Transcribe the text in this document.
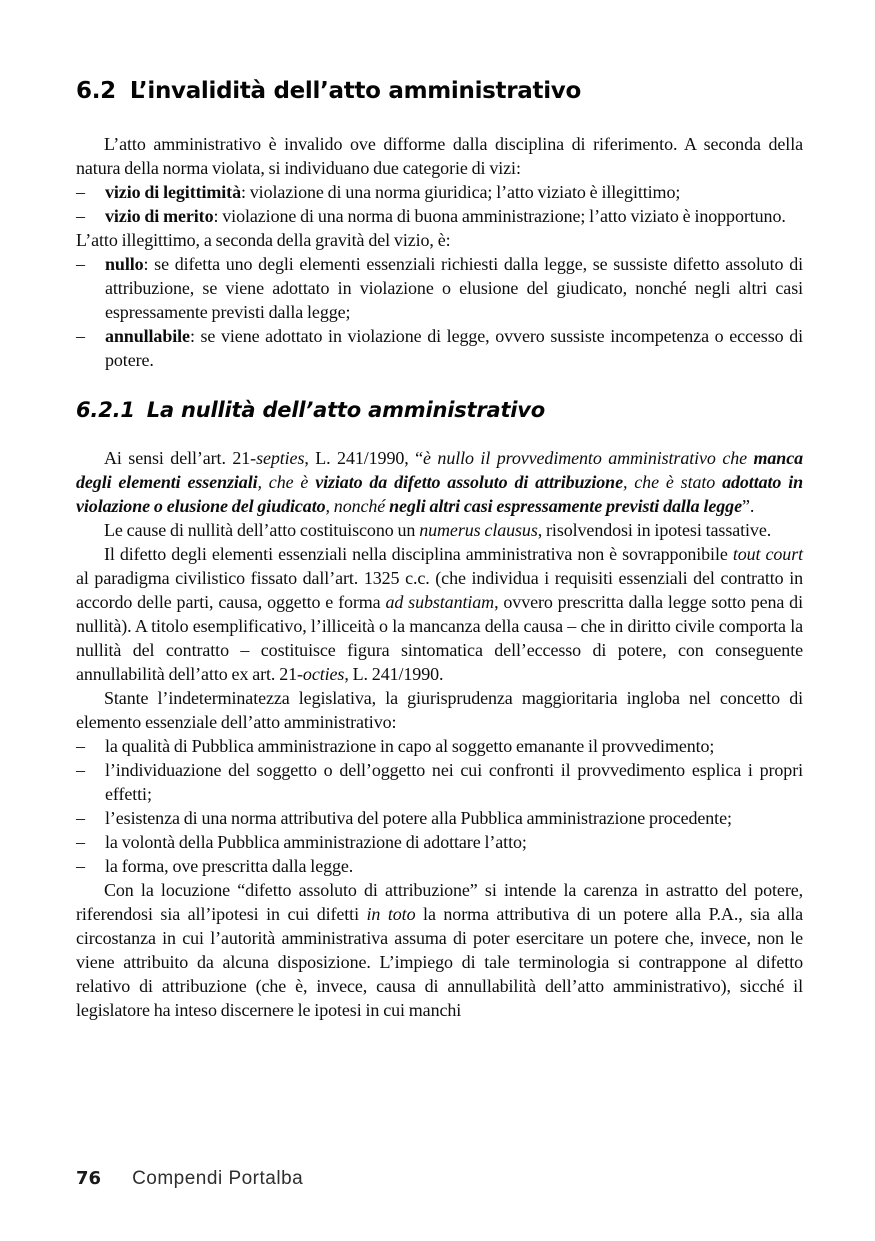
6.2 L’invalidità dell’atto amministrativo

L’atto amministrativo è invalido ove difforme dalla disciplina di riferimento. A seconda della natura della norma violata, si individuano due categorie di vizi:

– vizio di legittimità: violazione di una norma giuridica; l’atto viziato è illegittimo;
– vizio di merito: violazione di una norma di buona amministrazione; l’atto viziato è inopportuno.

L’atto illegittimo, a seconda della gravità del vizio, è:

– nullo: se difetta uno degli elementi essenziali richiesti dalla legge, se sussiste difetto assoluto di attribuzione, se viene adottato in violazione o elusione del giudicato, nonché negli altri casi espressamente previsti dalla legge;
– annullabile: se viene adottato in violazione di legge, ovvero sussiste incompetenza o eccesso di potere.
6.2.1 La nullità dell’atto amministrativo

Ai sensi dell’art. 21-septies, L. 241/1990, “è nullo il provvedimento amministrativo che manca degli elementi essenziali, che è viziato da difetto assoluto di attribuzione, che è stato adottato in violazione o elusione del giudicato, nonché negli altri casi espressamente previsti dalla legge”.

Le cause di nullità dell’atto costituiscono un numerus clausus, risolvendosi in ipotesi tassative.

Il difetto degli elementi essenziali nella disciplina amministrativa non è sovrapponibile tout court al paradigma civilistico fissato dall’art. 1325 c.c. (che individua i requisiti essenziali del contratto in accordo delle parti, causa, oggetto e forma ad substantiam, ovvero prescritta dalla legge sotto pena di nullità). A titolo esemplificativo, l’illiceità o la mancanza della causa – che in diritto civile comporta la nullità del contratto – costituisce figura sintomatica dell’eccesso di potere, con conseguente annullabilità dell’atto ex art. 21-octies, L. 241/1990.

Stante l’indeterminatezza legislativa, la giurisprudenza maggioritaria ingloba nel concetto di elemento essenziale dell’atto amministrativo:

– la qualità di Pubblica amministrazione in capo al soggetto emanante il provvedimento;
– l’individuazione del soggetto o dell’oggetto nei cui confronti il provvedimento esplica i propri effetti;
– l’esistenza di una norma attributiva del potere alla Pubblica amministrazione procedente;
– la volontà della Pubblica amministrazione di adottare l’atto;
– la forma, ove prescritta dalla legge.

Con la locuzione “difetto assoluto di attribuzione” si intende la carenza in astratto del potere, riferendosi sia all’ipotesi in cui difetti in toto la norma attributiva di un potere alla P.A., sia alla circostanza in cui l’autorità amministrativa assuma di poter esercitare un potere che, invece, non le viene attribuito da alcuna disposizione. L’impiego di tale terminologia si contrappone al difetto relativo di attribuzione (che è, invece, causa di annullabilità dell’atto amministrativo), sicché il legislatore ha inteso discernere le ipotesi in cui manchi

76 Compendi Portalba
